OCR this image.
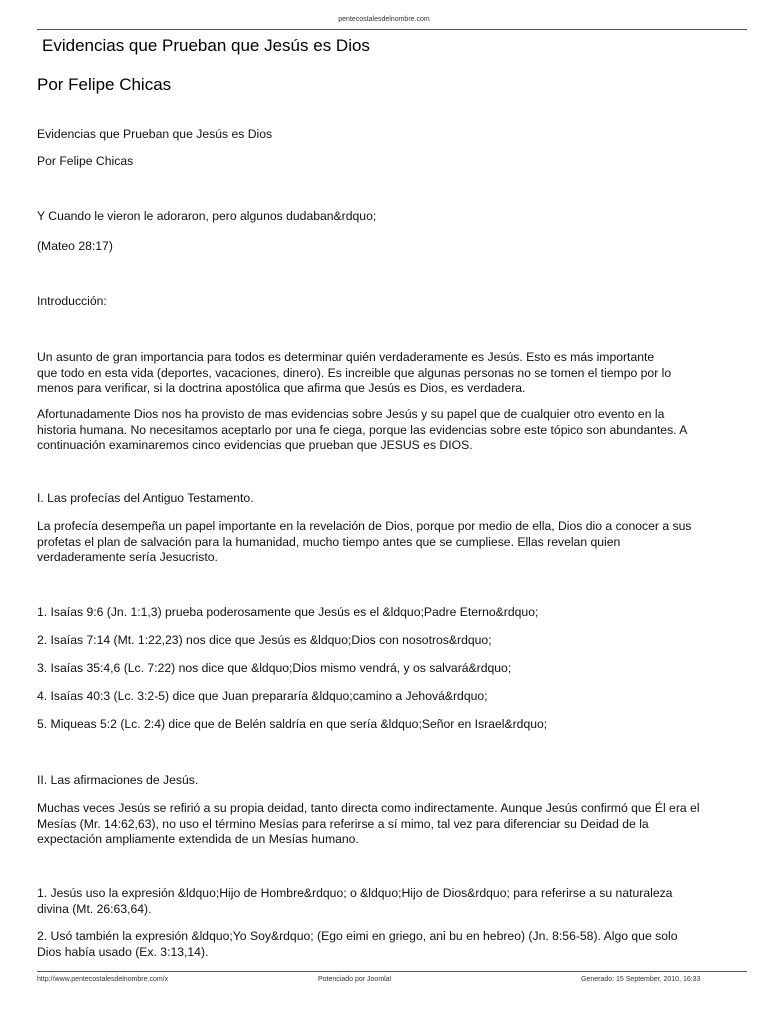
pentecostalesdelnombre.com
Evidencias que Prueban que Jesús es Dios
Por Felipe Chicas
Evidencias que Prueban que Jesús es Dios
Por Felipe Chicas
Y Cuando le vieron le adoraron, pero algunos dudaban&rdquo;
(Mateo 28:17)
Introducción:
Un asunto de gran importancia para todos es determinar quién verdaderamente es Jesús. Esto es más importante
que todo en esta vida (deportes, vacaciones, dinero). Es increible que algunas personas no se tomen el tiempo por lo
menos para verificar, si la doctrina apostólica que afirma que Jesús es Dios, es verdadera.
Afortunadamente Dios nos ha provisto de mas evidencias sobre Jesús y su papel que de cualquier otro evento en la
historia humana. No necesitamos aceptarlo por una fe ciega, porque las evidencias sobre este tópico son abundantes. A
continuación examinaremos cinco evidencias que prueban que JESUS es DIOS.
I. Las profecías del Antiguo Testamento.
La profecía desempeña un papel importante en la revelación de Dios, porque por medio de ella, Dios dio a conocer a sus
profetas el plan de salvación para la humanidad, mucho tiempo antes que se cumpliese. Ellas revelan quien
verdaderamente sería Jesucristo.
1. Isaías 9:6 (Jn. 1:1,3) prueba poderosamente que Jesús es el &ldquo;Padre Eterno&rdquo;
2. Isaías 7:14 (Mt. 1:22,23) nos dice que Jesús es &ldquo;Dios con nosotros&rdquo;
3. Isaías 35:4,6 (Lc. 7:22) nos dice que &ldquo;Dios mismo vendrá, y os salvará&rdquo;
4. Isaías 40:3 (Lc. 3:2-5) dice que Juan prepararía &ldquo;camino a Jehová&rdquo;
5. Miqueas 5:2 (Lc. 2:4) dice que de Belén saldría en que sería &ldquo;Señor en Israel&rdquo;
II. Las afirmaciones de Jesús.
Muchas veces Jesús se refirió a su propia deidad, tanto directa como indirectamente. Aunque Jesús confirmó que Él era el
Mesías (Mr. 14:62,63), no uso el término Mesías para referirse a sí mimo, tal vez para diferenciar su Deidad de la
expectación ampliamente extendida de un Mesías humano.
1. Jesús uso la expresión &ldquo;Hijo de Hombre&rdquo; o &ldquo;Hijo de Dios&rdquo; para referirse a su naturaleza
divina (Mt. 26:63,64).
2. Usó también la expresión &ldquo;Yo Soy&rdquo; (Ego eimi en griego, ani bu en hebreo) (Jn. 8:56-58). Algo que solo
Dios había usado (Ex. 3:13,14).
http://www.pentecostalesdelnombre.com/x	Potenciado por Joomla!	Generado: 15 September, 2010, 16:33
